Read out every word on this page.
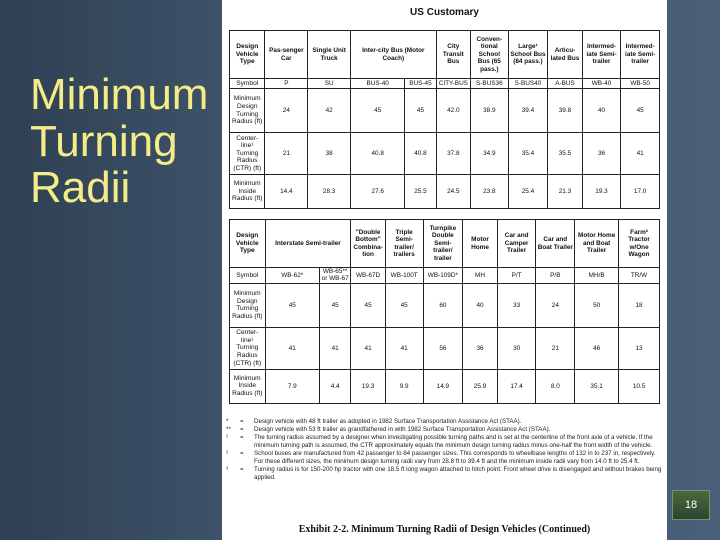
Minimum
Turning
Radii
US Customary
Design Vehicle Type	Pas-senger Car	Single Unit Truck	Inter-city Bus (Motor Coach)		City Transit Bus	Conven-tional School Bus (65 pass.)	Large¹ School Bus (84 pass.)	Articu-lated Bus	Intermed-iate Semi-trailer	Intermed-iate Semi-trailer
Symbol	P	SU	BUS-40	BUS-45	CITY-BUS	S-BUS36	S-BUS40	A-BUS	WB-40	WB-50
Minimum Design Turning Radius (ft)	24	42	45	45	42.0	38.9	39.4	39.8	40	45
Center-line¹ Turning Radius (CTR) (ft)	21	38	40.8	40.8	37.8	34.9	35.4	35.5	36	41
Minimum Inside Radius (ft)	14.4	28.3	27.6	25.5	24.5	23.8	25.4	21.3	19.3	17.0
Design Vehicle Type	Interstate Semi-trailer		"Double Bottom" Combina-tion	Triple Semi-trailer/ trailers	Turnpike Double Semi-trailer/ trailer	Motor Home	Car and Camper Trailer	Car and Boat Trailer	Motor Home and Boat Trailer	Farm² Tractor w/One Wagon
Symbol	WB-62*	WB-65** or WB-67	WB-67D	WB-100T	WB-109D*	MH	P/T	P/B	MH/B	TR/W
Minimum Design Turning Radius (ft)	45	45	45	45	60	40	33	24	50	18
Center-line¹ Turning Radius (CTR) (ft)	41	41	41	41	56	36	30	21	46	13
Minimum Inside Radius (ft)	7.9	4.4	19.3	9.9	14.9	25.9	17.4	8.0	35.1	10.5
*	=	Design vehicle with 48 ft trailer as adopted in 1982 Surface Transportation Assistance Act (STAA).
**	=	Design vehicle with 53 ft trailer as grandfathered in with 1982 Surface Transportation Assistance Act (STAA).
¹	=	The turning radius assumed by a designer when investigating possible turning paths and is set at the centerline of the front axle of a vehicle. If the minimum turning path is assumed, the CTR approximately equals the minimum design turning radius minus one-half the front width of the vehicle.
²	=	School buses are manufactured from 42 passenger to 84 passenger sizes. This corresponds to wheelbase lengths of 132 in to 237 in, respectively. For these different sizes, the minimum design turning radii vary from 28.8 ft to 39.4 ft and the minimum inside radii vary from 14.0 ft to 25.4 ft.
³	=	Turning radius is for 150-200 hp tractor with one 18.5 ft long wagon attached to hitch point. Front wheel drive is disengaged and without brakes being applied.
Exhibit 2-2. Minimum Turning Radii of Design Vehicles (Continued)
18
